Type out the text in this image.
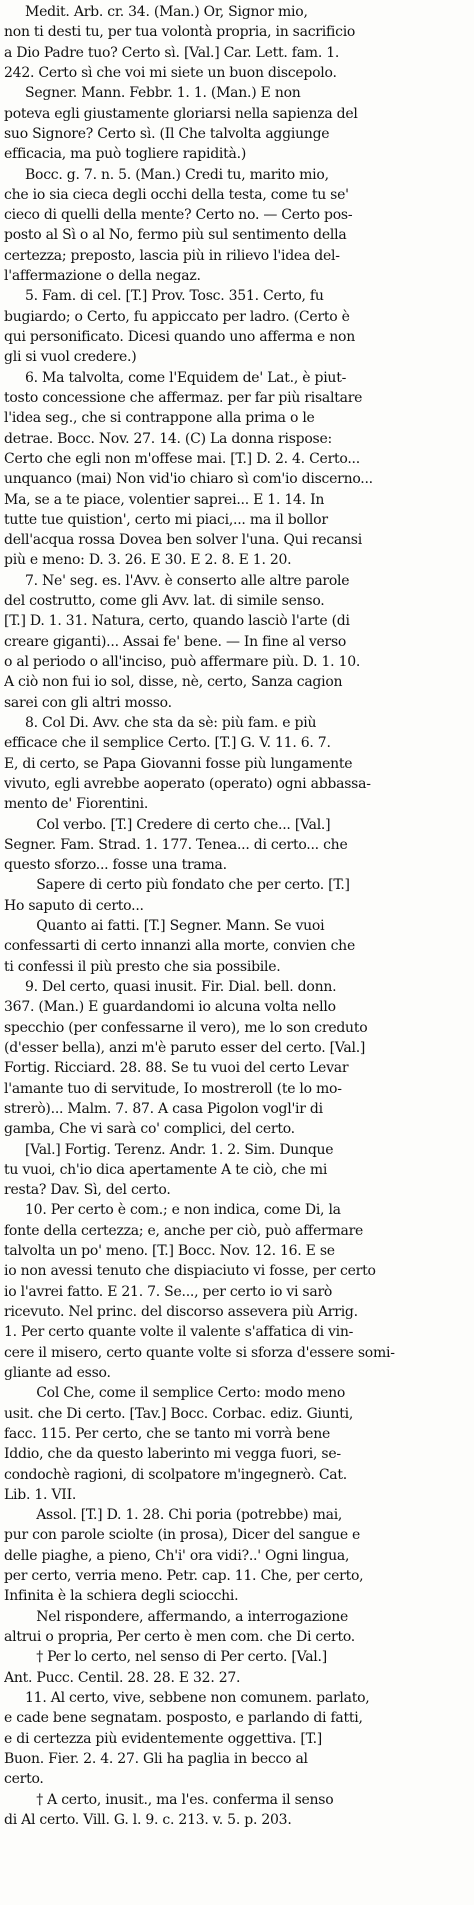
Medit. Arb. cr. 34. (Man.) Or, Signor mio,
non ti desti tu, per tua volontà propria, in sacrificio
a Dio Padre tuo? Certo sì. [Val.] Car. Lett. fam. 1.
242. Certo sì che voi mi siete un buon discepolo.
Segner. Mann. Febbr. 1. 1. (Man.) E non
poteva egli giustamente gloriarsi nella sapienza del
suo Signore? Certo sì. (Il Che talvolta aggiunge
efficacia, ma può togliere rapidità.)
Bocc. g. 7. n. 5. (Man.) Credi tu, marito mio,
che io sia cieca degli occhi della testa, come tu se'
cieco di quelli della mente? Certo no. — Certo pos-
posto al Sì o al No, fermo più sul sentimento della
certezza; preposto, lascia più in rilievo l'idea del-
l'affermazione o della negaz.
5. Fam. di cel. [T.] Prov. Tosc. 351. Certo, fu
bugiardo; o Certo, fu appiccato per ladro. (Certo è
qui personificato. Dicesi quando uno afferma e non
gli si vuol credere.)
6. Ma talvolta, come l'Equidem de' Lat., è piut-
tosto concessione che affermaz. per far più risaltare
l'idea seg., che si contrappone alla prima o le
detrae. Bocc. Nov. 27. 14. (C) La donna rispose:
Certo che egli non m'offese mai. [T.] D. 2. 4. Certo...
unquanco (mai) Non vid'io chiaro sì com'io discerno...
Ma, se a te piace, volentier saprei... E 1. 14. In
tutte tue quistion', certo mi piaci,... ma il bollor
dell'acqua rossa Dovea ben solver l'una. Qui recansi
più e meno: D. 3. 26. E 30. E 2. 8. E 1. 20.
7. Ne' seg. es. l'Avv. è conserto alle altre parole
del costrutto, come gli Avv. lat. di simile senso.
[T.] D. 1. 31. Natura, certo, quando lasciò l'arte (di
creare giganti)... Assai fe' bene. — In fine al verso
o al periodo o all'inciso, può affermare più. D. 1. 10.
A ciò non fui io sol, disse, nè, certo, Sanza cagion
sarei con gli altri mosso.
8. Col Di. Avv. che sta da sè: più fam. e più
efficace che il semplice Certo. [T.] G. V. 11. 6. 7.
E, di certo, se Papa Giovanni fosse più lungamente
vivuto, egli avrebbe aoperato (operato) ogni abbassa-
mento de' Fiorentini.
Col verbo. [T.] Credere di certo che... [Val.]
Segner. Fam. Strad. 1. 177. Tenea... di certo... che
questo sforzo... fosse una trama.
Sapere di certo più fondato che per certo. [T.]
Ho saputo di certo...
Quanto ai fatti. [T.] Segner. Mann. Se vuoi
confessarti di certo innanzi alla morte, convien che
ti confessi il più presto che sia possibile.
9. Del certo, quasi inusit. Fir. Dial. bell. donn.
367. (Man.) E guardandomi io alcuna volta nello
specchio (per confessarne il vero), me lo son creduto
(d'esser bella), anzi m'è paruto esser del certo. [Val.]
Fortig. Ricciard. 28. 88. Se tu vuoi del certo Levar
l'amante tuo di servitude, Io mostreroll (te lo mo-
strerò)... Malm. 7. 87. A casa Pigolon vogl'ir di
gamba, Che vi sarà co' complici, del certo.
[Val.] Fortig. Terenz. Andr. 1. 2. Sim. Dunque
tu vuoi, ch'io dica apertamente A te ciò, che mi
resta? Dav. Sì, del certo.
10. Per certo è com.; e non indica, come Di, la
fonte della certezza; e, anche per ciò, può affermare
talvolta un po' meno. [T.] Bocc. Nov. 12. 16. E se
io non avessi tenuto che dispiaciuto vi fosse, per certo
io l'avrei fatto. E 21. 7. Se..., per certo io vi sarò
ricevuto. Nel princ. del discorso assevera più Arrig.
1. Per certo quante volte il valente s'affatica di vin-
cere il misero, certo quante volte si sforza d'essere somi-
gliante ad esso.
Col Che, come il semplice Certo: modo meno
usit. che Di certo. [Tav.] Bocc. Corbac. ediz. Giunti,
facc. 115. Per certo, che se tanto mi vorrà bene
Iddio, che da questo laberinto mi vegga fuori, se-
condochè ragioni, di scolpatore m'ingegnerò. Cat.
Lib. 1. VII.
Assol. [T.] D. 1. 28. Chi poria (potrebbe) mai,
pur con parole sciolte (in prosa), Dicer del sangue e
delle piaghe, a pieno, Ch'i' ora vidi?..' Ogni lingua,
per certo, verria meno. Petr. cap. 11. Che, per certo,
Infinita è la schiera degli sciocchi.
Nel rispondere, affermando, a interrogazione
altrui o propria, Per certo è men com. che Di certo.
† Per lo certo, nel senso di Per certo. [Val.]
Ant. Pucc. Centil. 28. 28. E 32. 27.
11. Al certo, vive, sebbene non comunem. parlato,
e cade bene segnatam. posposto, e parlando di fatti,
e di certezza più evidentemente oggettiva. [T.]
Buon. Fier. 2. 4. 27. Gli ha paglia in becco al
certo.
† A certo, inusit., ma l'es. conferma il senso
di Al certo. Vill. G. l. 9. c. 213. v. 5. p. 203.
